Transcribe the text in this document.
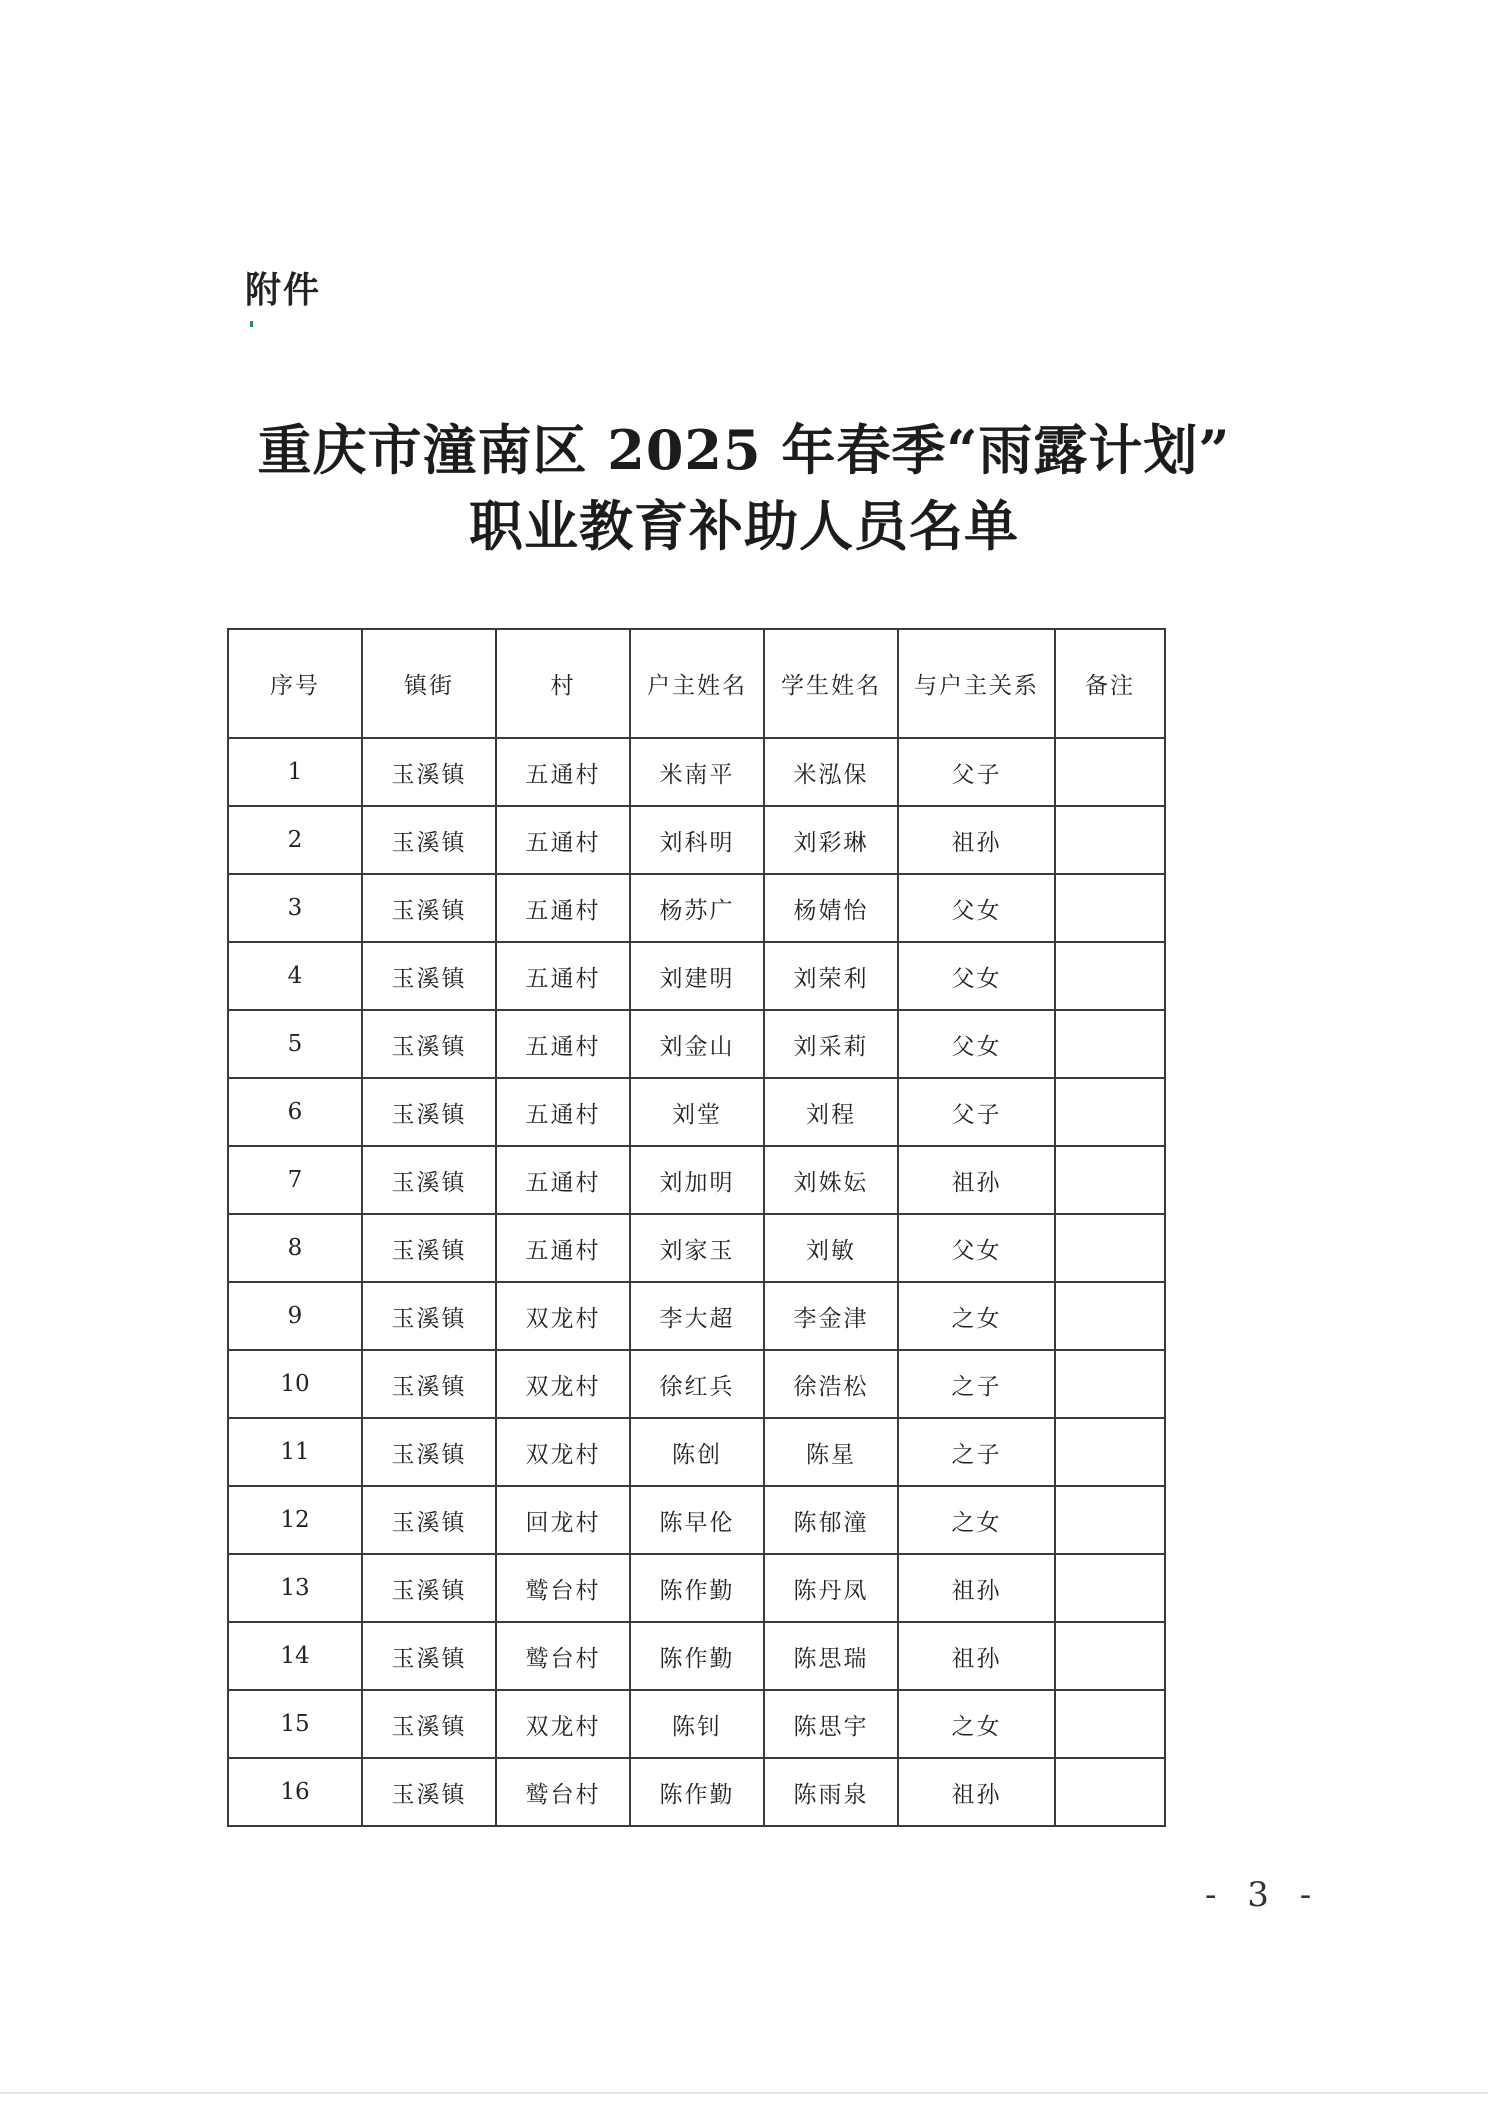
附件
重庆市潼南区 2025 年春季“雨露计划”
职业教育补助人员名单
序号	镇街	村	户主姓名	学生姓名	与户主关系	备注
1	玉溪镇	五通村	米南平	米泓保	父子	
2	玉溪镇	五通村	刘科明	刘彩琳	祖孙	
3	玉溪镇	五通村	杨苏广	杨婧怡	父女	
4	玉溪镇	五通村	刘建明	刘荣利	父女	
5	玉溪镇	五通村	刘金山	刘采莉	父女	
6	玉溪镇	五通村	刘堂	刘程	父子	
7	玉溪镇	五通村	刘加明	刘姝妘	祖孙	
8	玉溪镇	五通村	刘家玉	刘敏	父女	
9	玉溪镇	双龙村	李大超	李金津	之女	
10	玉溪镇	双龙村	徐红兵	徐浩松	之子	
11	玉溪镇	双龙村	陈创	陈星	之子	
12	玉溪镇	回龙村	陈早伦	陈郁潼	之女	
13	玉溪镇	鹫台村	陈作勤	陈丹凤	祖孙	
14	玉溪镇	鹫台村	陈作勤	陈思瑞	祖孙	
15	玉溪镇	双龙村	陈钊	陈思宇	之女	
16	玉溪镇	鹫台村	陈作勤	陈雨泉	祖孙	
- 3 -
